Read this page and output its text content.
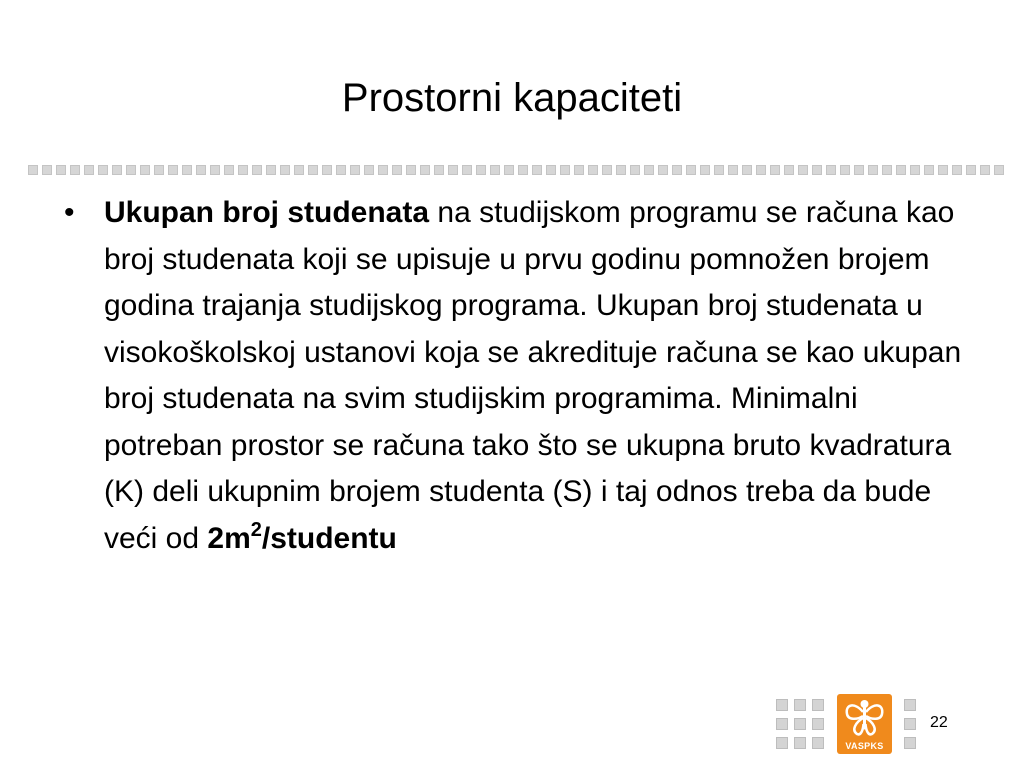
Prostorni kapaciteti
• Ukupan broj studenata na studijskom programu se računa kao broj studenata koji se upisuje u prvu godinu pomnožen brojem godina trajanja studijskog programa. Ukupan broj studenata u visokoškolskoj ustanovi koja se akredituje računa se kao ukupan broj studenata na svim studijskim programima. Minimalni potreban prostor se računa tako što se ukupna bruto kvadratura (K) deli ukupnim brojem studenta (S) i taj odnos treba da bude veći od $2m^2$/studentu
VASPKS
22
